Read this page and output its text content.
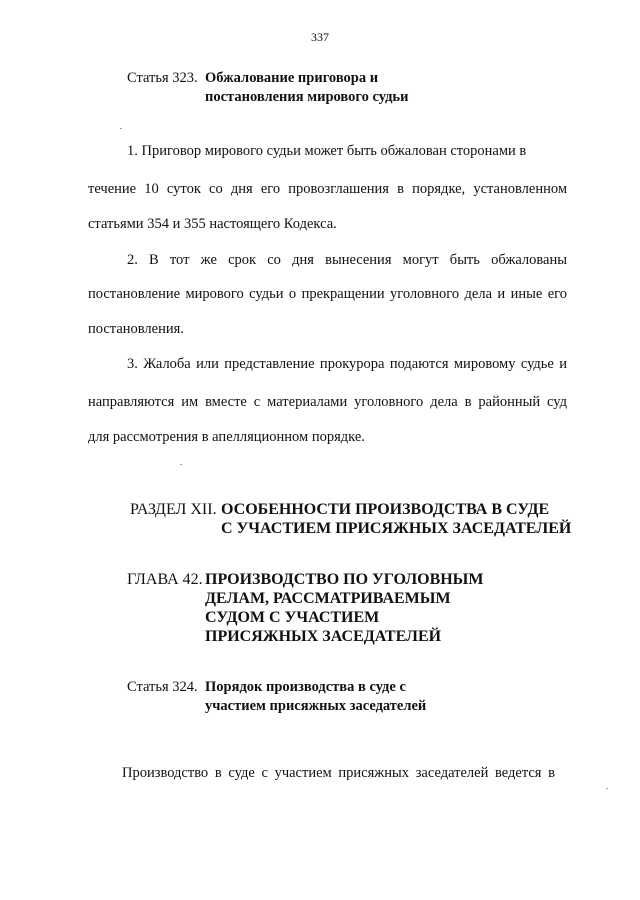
337
Статья 323. Обжалование приговора и
постановления мирового судьи
1. Приговор мирового судьи может быть обжалован сторонами в
течение 10 суток со дня его провозглашения в порядке, установленном
статьями 354 и 355 настоящего Кодекса.
2. В тот же срок со дня вынесения могут быть обжалованы
постановление мирового судьи о прекращении уголовного дела и иные его
постановления.
3. Жалоба или представление прокурора подаются мировому судье и
направляются им вместе с материалами уголовного дела в районный суд
для рассмотрения в апелляционном порядке.
РАЗДЕЛ XII. ОСОБЕННОСТИ ПРОИЗВОДСТВА В СУДЕ
С УЧАСТИЕМ ПРИСЯЖНЫХ ЗАСЕДАТЕЛЕЙ
ГЛАВА 42. ПРОИЗВОДСТВО ПО УГОЛОВНЫМ
ДЕЛАМ, РАССМАТРИВАЕМЫМ
СУДОМ С УЧАСТИЕМ
ПРИСЯЖНЫХ ЗАСЕДАТЕЛЕЙ
Статья 324. Порядок производства в суде с
участием присяжных заседателей
Производство в суде с участием присяжных заседателей ведется в
